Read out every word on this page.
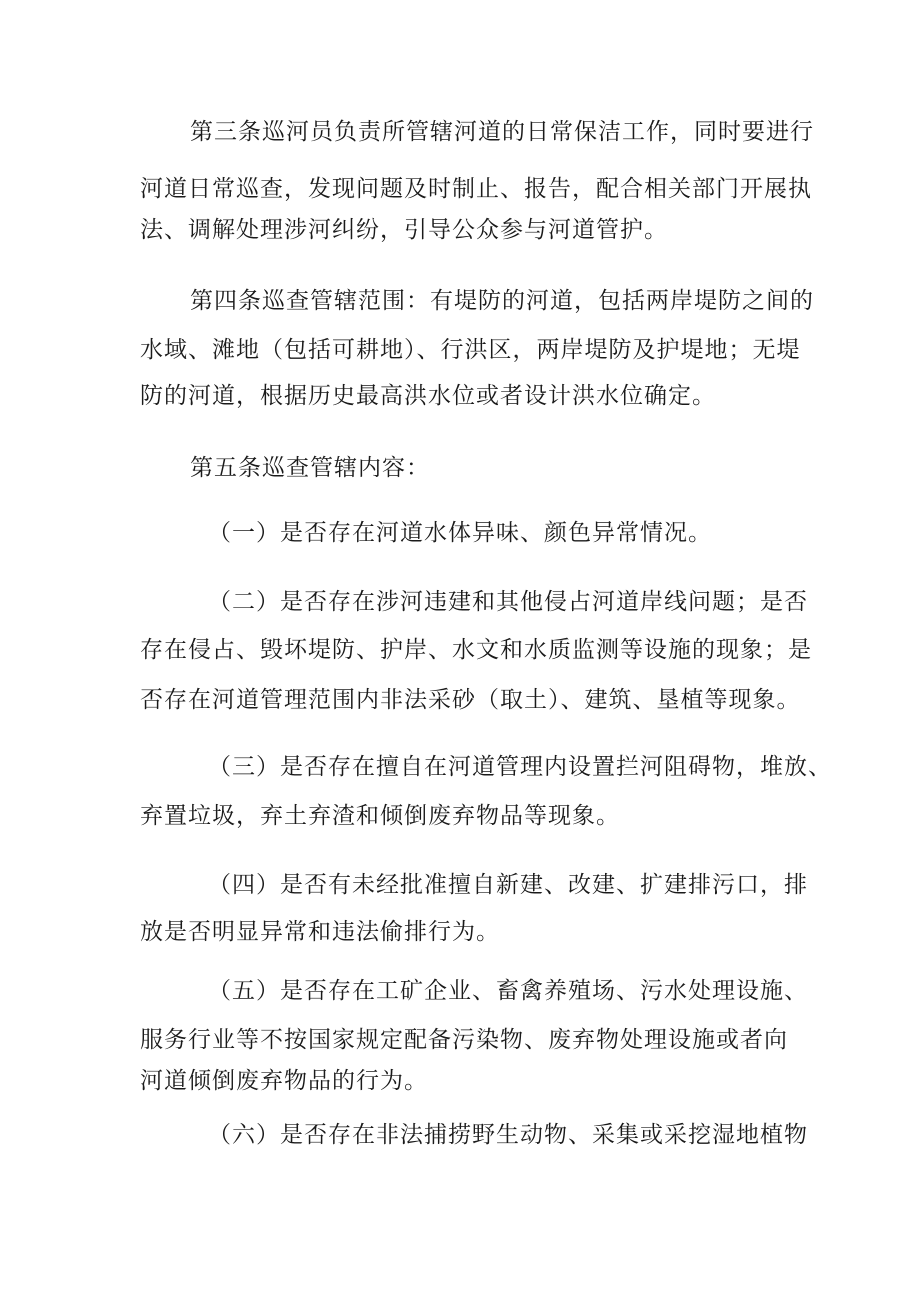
第三条巡河员负责所管辖河道的日常保洁工作，同时要进行
河道日常巡查，发现问题及时制止、报告，配合相关部门开展执
法、调解处理涉河纠纷，引导公众参与河道管护。
第四条巡查管辖范围：有堤防的河道，包括两岸堤防之间的
水域、滩地（包括可耕地）、行洪区，两岸堤防及护堤地；无堤
防的河道，根据历史最高洪水位或者设计洪水位确定。
第五条巡查管辖内容：
（一）是否存在河道水体异味、颜色异常情况。
（二）是否存在涉河违建和其他侵占河道岸线问题；是否
存在侵占、毁坏堤防、护岸、水文和水质监测等设施的现象；是
否存在河道管理范围内非法采砂（取土）、建筑、垦植等现象。
（三）是否存在擅自在河道管理内设置拦河阻碍物，堆放、
弃置垃圾，弃土弃渣和倾倒废弃物品等现象。
（四）是否有未经批准擅自新建、改建、扩建排污口，排
放是否明显异常和违法偷排行为。
（五）是否存在工矿企业、畜禽养殖场、污水处理设施、
服务行业等不按国家规定配备污染物、废弃物处理设施或者向
河道倾倒废弃物品的行为。
（六）是否存在非法捕捞野生动物、采集或采挖湿地植物
